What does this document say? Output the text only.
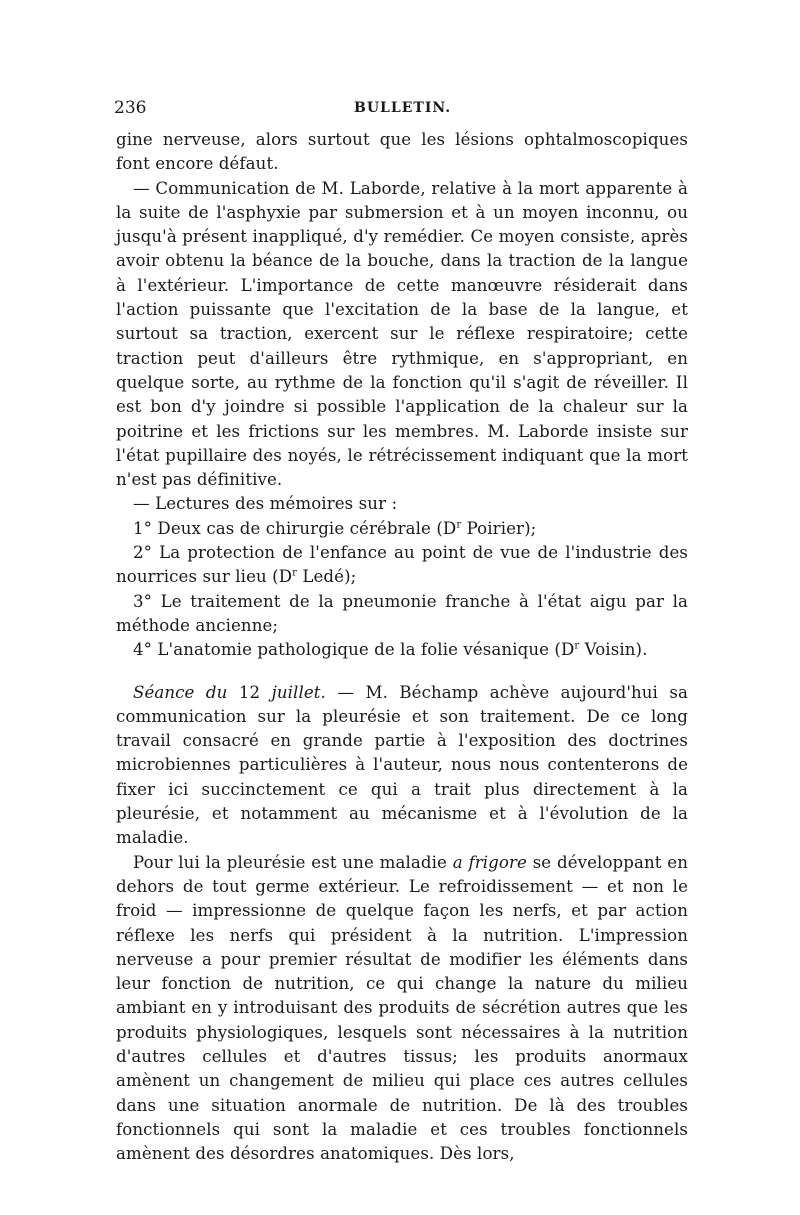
236	BULLETIN.

gine nerveuse, alors surtout que les lésions ophtalmoscopiques font encore défaut.

— Communication de M. Laborde, relative à la mort apparente à la suite de l'asphyxie par submersion et à un moyen inconnu, ou jusqu'à présent inappliqué, d'y remédier. Ce moyen consiste, après avoir obtenu la béance de la bouche, dans la traction de la langue à l'extérieur. L'importance de cette manœuvre résiderait dans l'action puissante que l'excitation de la base de la langue, et surtout sa traction, exercent sur le réflexe respiratoire; cette traction peut d'ailleurs être rythmique, en s'appropriant, en quelque sorte, au rythme de la fonction qu'il s'agit de réveiller. Il est bon d'y joindre si possible l'application de la chaleur sur la poitrine et les frictions sur les membres. M. Laborde insiste sur l'état pupillaire des noyés, le rétrécissement indiquant que la mort n'est pas définitive.

— Lectures des mémoires sur :

1° Deux cas de chirurgie cérébrale ($D^r$ Poirier);

2° La protection de l'enfance au point de vue de l'industrie des nourrices sur lieu ($D^r$ Ledé);

3° Le traitement de la pneumonie franche à l'état aigu par la méthode ancienne;

4° L'anatomie pathologique de la folie vésanique ($D^r$ Voisin).

Séance du 12 juillet. — M. Béchamp achève aujourd'hui sa communication sur la pleurésie et son traitement. De ce long travail consacré en grande partie à l'exposition des doctrines microbiennes particulières à l'auteur, nous nous contenterons de fixer ici succinctement ce qui a trait plus directement à la pleurésie, et notamment au mécanisme et à l'évolution de la maladie.

Pour lui la pleurésie est une maladie a frigore se développant en dehors de tout germe extérieur. Le refroidissement — et non le froid — impressionne de quelque façon les nerfs, et par action réflexe les nerfs qui président à la nutrition. L'impression nerveuse a pour premier résultat de modifier les éléments dans leur fonction de nutrition, ce qui change la nature du milieu ambiant en y introduisant des produits de sécrétion autres que les produits physiologiques, lesquels sont nécessaires à la nutrition d'autres cellules et d'autres tissus; les produits anormaux amènent un changement de milieu qui place ces autres cellules dans une situation anormale de nutrition. De là des troubles fonctionnels qui sont la maladie et ces troubles fonctionnels amènent des désordres anatomiques. Dès lors,
